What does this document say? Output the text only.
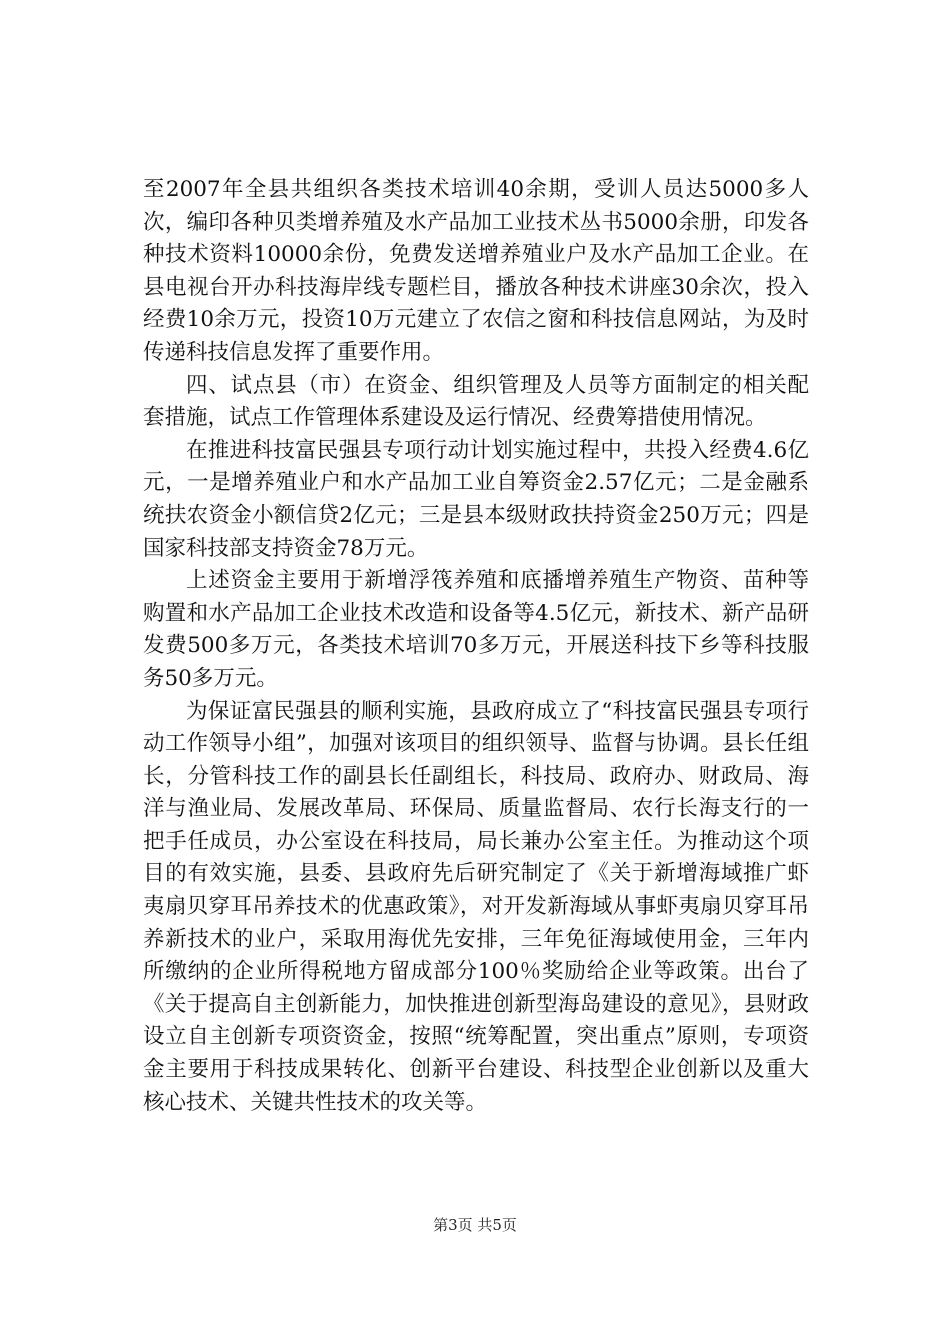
至2007年全县共组织各类技术培训40余期，受训人员达5000多人次，编印各种贝类增养殖及水产品加工业技术丛书5000余册，印发各种技术资料10000余份，免费发送增养殖业户及水产品加工企业。在县电视台开办科技海岸线专题栏目，播放各种技术讲座30余次，投入经费10余万元，投资10万元建立了农信之窗和科技信息网站，为及时传递科技信息发挥了重要作用。

四、试点县（市）在资金、组织管理及人员等方面制定的相关配套措施，试点工作管理体系建设及运行情况、经费筹措使用情况。

在推进科技富民强县专项行动计划实施过程中，共投入经费4.6亿元，一是增养殖业户和水产品加工业自筹资金2.57亿元；二是金融系统扶农资金小额信贷2亿元；三是县本级财政扶持资金250万元；四是国家科技部支持资金78万元。

上述资金主要用于新增浮筏养殖和底播增养殖生产物资、苗种等购置和水产品加工企业技术改造和设备等4.5亿元，新技术、新产品研发费500多万元，各类技术培训70多万元，开展送科技下乡等科技服务50多万元。

为保证富民强县的顺利实施，县政府成立了“科技富民强县专项行动工作领导小组”，加强对该项目的组织领导、监督与协调。县长任组长，分管科技工作的副县长任副组长，科技局、政府办、财政局、海洋与渔业局、发展改革局、环保局、质量监督局、农行长海支行的一把手任成员，办公室设在科技局，局长兼办公室主任。为推动这个项目的有效实施，县委、县政府先后研究制定了《关于新增海域推广虾夷扇贝穿耳吊养技术的优惠政策》，对开发新海域从事虾夷扇贝穿耳吊养新技术的业户，采取用海优先安排，三年免征海域使用金，三年内所缴纳的企业所得税地方留成部分100％奖励给企业等政策。出台了《关于提高自主创新能力，加快推进创新型海岛建设的意见》，县财政设立自主创新专项资资金，按照“统筹配置，突出重点”原则，专项资金主要用于科技成果转化、创新平台建设、科技型企业创新以及重大核心技术、关键共性技术的攻关等。

第3页 共5页
